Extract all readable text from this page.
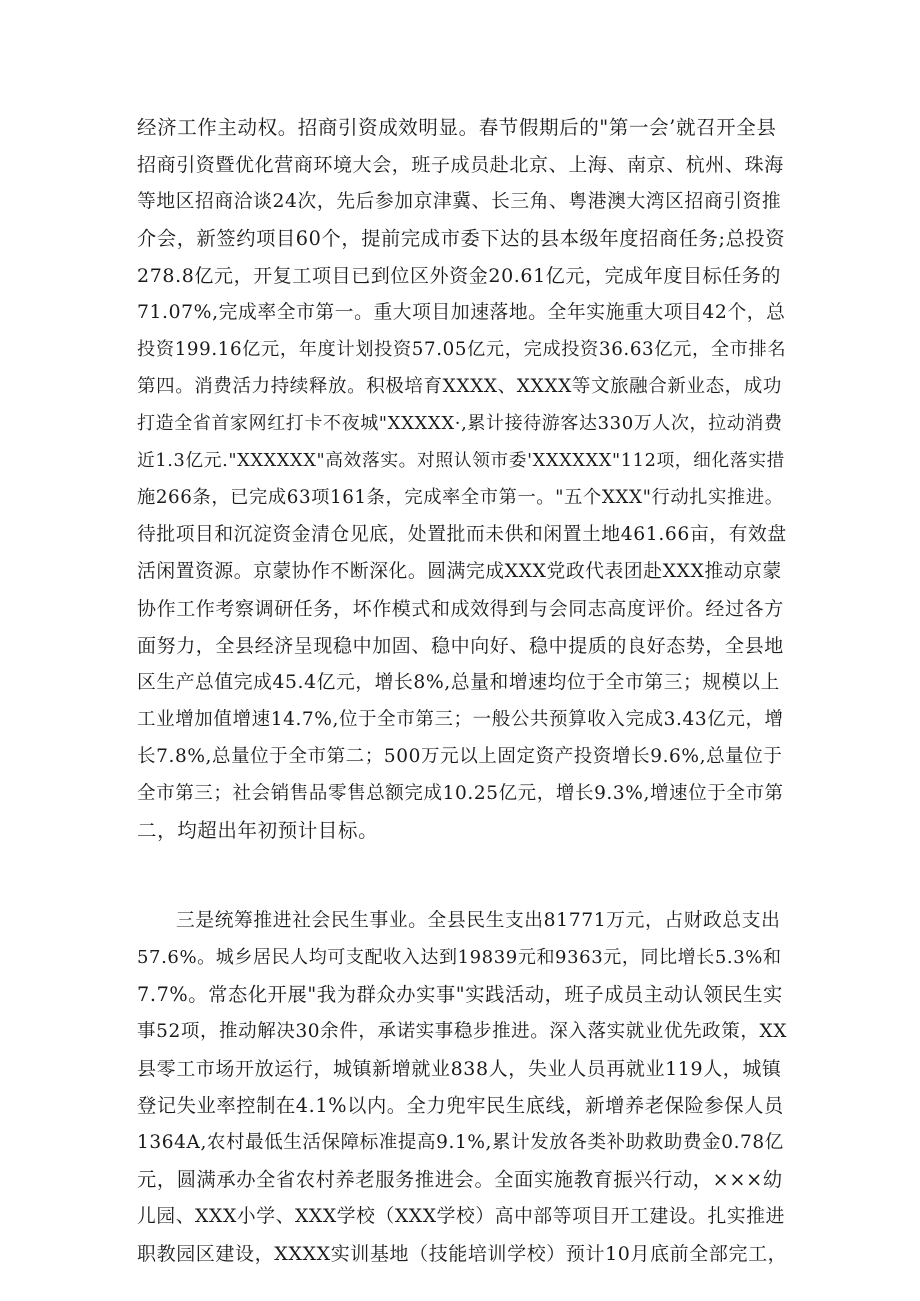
经济工作主动权。招商引资成效明显。春节假期后的"第一会’就召开全县
招商引资暨优化营商环境大会，班子成员赴北京、上海、南京、杭州、珠海
等地区招商洽谈24次，先后参加京津冀、长三角、粤港澳大湾区招商引资推
介会，新签约项目60个，提前完成市委下达的县本级年度招商任务;总投资
278.8亿元，开复工项目已到位区外资金20.61亿元，完成年度目标任务的
71.07%,完成率全市第一。重大项目加速落地。全年实施重大项目42个，总
投资199.16亿元，年度计划投资57.05亿元，完成投资36.63亿元，全市排名
第四。消费活力持续释放。积极培育XXXX、XXXX等文旅融合新业态，成功
打造全省首家网红打卡不夜城"XXXXX·,累计接待游客达330万人次，拉动消费
近1.3亿元."XXXXXX"高效落实。对照认领市委'XXXXXX"112项，细化落实措
施266条，已完成63项161条，完成率全市第一。"五个XXX"行动扎实推进。
待批项目和沉淀资金清仓见底，处置批而未供和闲置土地461.66亩，有效盘
活闲置资源。京蒙协作不断深化。圆满完成XXX党政代表团赴XXX推动京蒙
协作工作考察调研任务，坏作模式和成效得到与会同志高度评价。经过各方
面努力，全县经济呈现稳中加固、稳中向好、稳中提质的良好态势，全县地
区生产总值完成45.4亿元，增长8%,总量和增速均位于全市第三；规模以上
工业增加值增速14.7%,位于全市第三；一般公共预算收入完成3.43亿元，增
长7.8%,总量位于全市第二；500万元以上固定资产投资增长9.6%,总量位于
全市第三；社会销售品零售总额完成10.25亿元，增长9.3%,增速位于全市第
二，均超出年初预计目标。
三是统筹推进社会民生事业。全县民生支出81771万元，占财政总支出
57.6%。城乡居民人均可支配收入达到19839元和9363元，同比增长5.3%和
7.7%。常态化开展"我为群众办实事"实践活动，班子成员主动认领民生实
事52项，推动解决30余件，承诺实事稳步推进。深入落实就业优先政策，XX
县零工市场开放运行，城镇新增就业838人，失业人员再就业119人，城镇
登记失业率控制在4.1%以内。全力兜牢民生底线，新增养老保险参保人员
1364A,农村最低生活保障标准提高9.1%,累计发放各类补助救助费金0.78亿
元，圆满承办全省农村养老服务推进会。全面实施教育振兴行动，×××幼
儿园、XXX小学、XXX学校（XXX学校）高中部等项目开工建设。扎实推进
职教园区建设，XXXX实训基地（技能培训学校）预计10月底前全部完工，
